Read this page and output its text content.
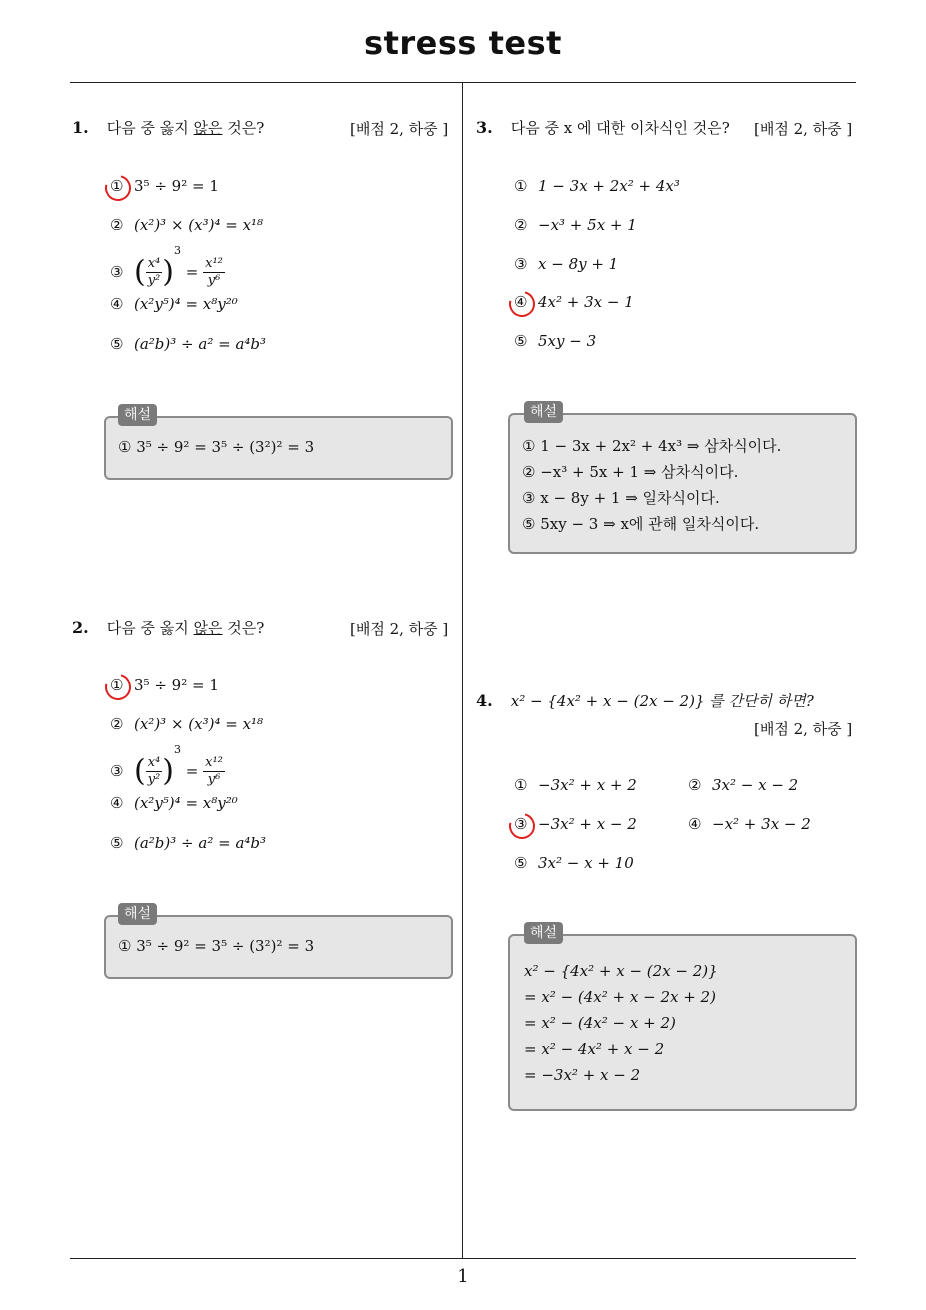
stress test
1. 다음 중 옳지 않은 것은?	[배점 2, 하중 ]
① 3⁵ ÷ 9² = 1
② (x²)³ × (x³)⁴ = x¹⁸
③ ( $\frac{\text{x⁴}}{\text{y²}} )^3 = \frac{\text{x¹²}}{\text{y⁶}}$
④ (x²y⁵)⁴ = x⁸y²⁰
⑤ (a²b)³ ÷ a² = a⁴b³
해설
① 3⁵ ÷ 9² = 3⁵ ÷ (3²)² = 3
2. 다음 중 옳지 않은 것은?	[배점 2, 하중 ]
① 3⁵ ÷ 9² = 1
② (x²)³ × (x³)⁴ = x¹⁸
③ ( $\frac{\text{x⁴}}{\text{y²}} )^3 = \frac{\text{x¹²}}{\text{y⁶}}$
④ (x²y⁵)⁴ = x⁸y²⁰
⑤ (a²b)³ ÷ a² = a⁴b³
해설
① 3⁵ ÷ 9² = 3⁵ ÷ (3²)² = 3
3. 다음 중 x 에 대한 이차식인 것은? [배점 2, 하중 ]
① 1 − 3x + 2x² + 4x³
② −x³ + 5x + 1
③ x − 8y + 1
④ 4x² + 3x − 1
⑤ 5xy − 3
해설
① 1 − 3x + 2x² + 4x³ ⇒ 삼차식이다.
② −x³ + 5x + 1 ⇒ 삼차식이다.
③ x − 8y + 1 ⇒ 일차식이다.
⑤ 5xy − 3 ⇒ x에 관해 일차식이다.
4. x² − {4x² + x − (2x − 2)} 를 간단히 하면?
[배점 2, 하중 ]
① −3x² + x + 2	② 3x² − x − 2
③ −3x² + x − 2	④ −x² + 3x − 2
⑤ 3x² − x + 10
해설
x² − {4x² + x − (2x − 2)}
= x² − (4x² + x − 2x + 2)
= x² − (4x² − x + 2)
= x² − 4x² + x − 2
= −3x² + x − 2
1
